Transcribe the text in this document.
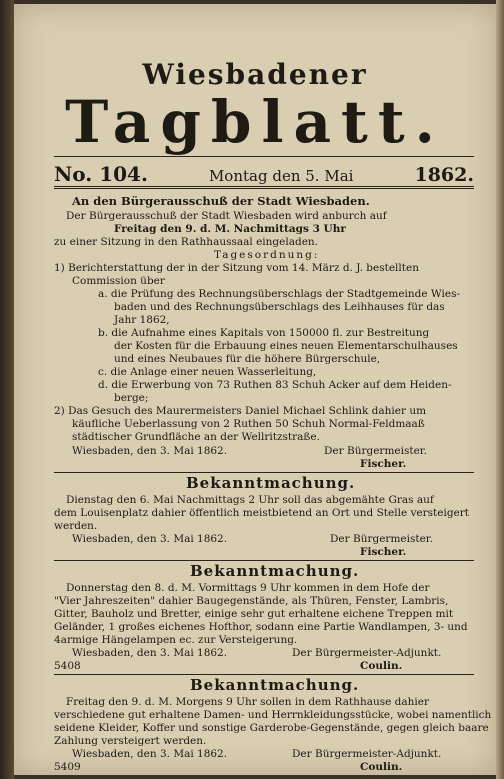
Wiesbadener
Tagblatt.
No. 104.	Montag den 5. Mai	1862.
An den Bürgerausschuß der Stadt Wiesbaden.
Der Bürgerausschuß der Stadt Wiesbaden wird anburch auf
Freitag den 9. d. M. Nachmittags 3 Uhr
zu einer Sitzung in den Rathhaussaal eingeladen.
Tagesordnung:
1) Berichterstattung der in der Sitzung vom 14. März d. J. bestellten
Commission über
a. die Prüfung des Rechnungsüberschlags der Stadtgemeinde Wies-
baden und des Rechnungsüberschlags des Leihhauses für das
Jahr 1862,
b. die Aufnahme eines Kapitals von 150000 fl. zur Bestreitung
der Kosten für die Erbauung eines neuen Elementarschulhauses
und eines Neubaues für die höhere Bürgerschule,
c. die Anlage einer neuen Wasserleitung,
d. die Erwerbung von 73 Ruthen 83 Schuh Acker auf dem Heiden-
berge;
2) Das Gesuch des Maurermeisters Daniel Michael Schlink dahier um
käufliche Ueberlassung von 2 Ruthen 50 Schuh Normal-Feldmaaß
städtischer Grundfläche an der Wellritzstraße.
Wiesbaden, den 3. Mai 1862.	Der Bürgermeister.
Fischer.
Bekanntmachung.
Dienstag den 6. Mai Nachmittags 2 Uhr soll das abgemähte Gras auf
dem Louisenplatz dahier öffentlich meistbietend an Ort und Stelle versteigert
werden.
Wiesbaden, den 3. Mai 1862.	Der Bürgermeister.
Fischer.
Bekanntmachung.
Donnerstag den 8. d. M. Vormittags 9 Uhr kommen in dem Hofe der
"Vier Jahreszeiten" dahier Baugegenstände, als Thüren, Fenster, Lambris,
Gitter, Bauholz und Bretter, einige sehr gut erhaltene eichene Treppen mit
Geländer, 1 großes eichenes Hofthor, sodann eine Partie Wandlampen, 3- und
4armige Hängelampen ec. zur Versteigerung.
Wiesbaden, den 3. Mai 1862.	Der Bürgermeister-Adjunkt.
5408	Coulin.
Bekanntmachung.
Freitag den 9. d. M. Morgens 9 Uhr sollen in dem Rathhause dahier
verschiedene gut erhaltene Damen- und Herrnkleidungsstücke, wobei namentlich
seidene Kleider, Koffer und sonstige Garderobe-Gegenstände, gegen gleich baare
Zahlung versteigert werden.
Wiesbaden, den 3. Mai 1862.	Der Bürgermeister-Adjunkt.
5409	Coulin.
